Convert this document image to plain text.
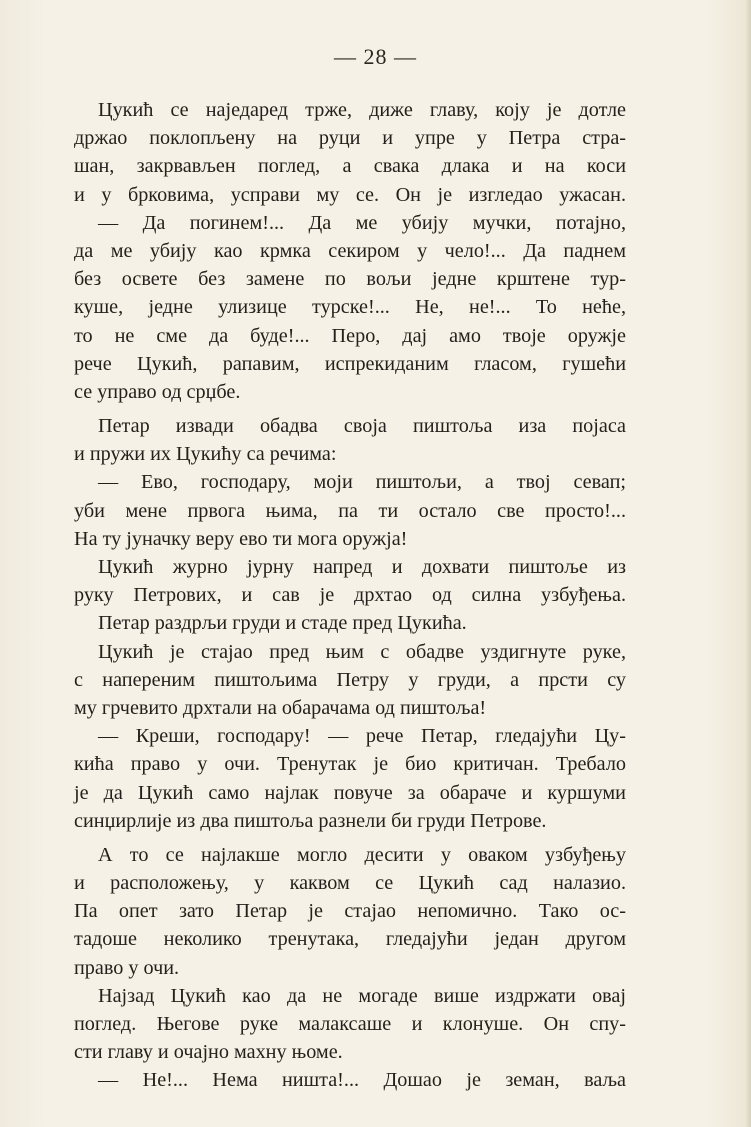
— 28 —
Цукић се наједаред трже, диже главу, коју је дотле
држао поклопљену на руци и упре у Петра стра-
шан, закрвављен поглед, а свака длака и на коси
и у брковима, усправи му се. Он је изгледао ужасан.
— Да погинем!... Да ме убију мучки, потајно,
да ме убију као крмка секиром у чело!... Да паднем
без освете без замене по вољи једне крштене тур-
куше, једне улизице турске!... Не, не!... То неће,
то не сме да буде!... Перо, дај амо твоје оружје
рече Цукић, рапавим, испрекиданим гласом, гушећи
се управо од срџбе.
Петар извади обадва своја пиштоља иза појаса
и пружи их Цукићу са речима:
— Ево, господару, моји пиштољи, а твој севап;
уби мене првога њима, па ти остало све просто!...
На ту јуначку веру ево ти мога оружја!
Цукић журно јурну напред и дохвати пиштоље из
руку Петрових, и сав је дрхтао од силна узбуђења.
Петар раздрљи груди и стаде пред Цукића.
Цукић је стајао пред њим с обадве уздигнуте руке,
с напереним пиштољима Петру у груди, а прсти су
му грчевито дрхтали на обарачама од пиштоља!
— Креши, господару! — рече Петар, гледајући Цу-
кића право у очи. Тренутак је био критичан. Требало
је да Цукић само најлак повуче за обараче и куршуми
синџирлије из два пиштоља разнели би груди Петрове.
А то се најлакше могло десити у оваком узбуђењу
и расположењу, у каквом се Цукић сад налазио.
Па опет зато Петар је стајао непомично. Тако ос-
тадоше неколико тренутака, гледајући један другом
право у очи.
Најзад Цукић као да не могаде више издржати овај
поглед. Његове руке малаксаше и клонуше. Он спу-
сти главу и очајно махну њоме.
— Не!... Нема ништа!... Дошао је земан, ваља
